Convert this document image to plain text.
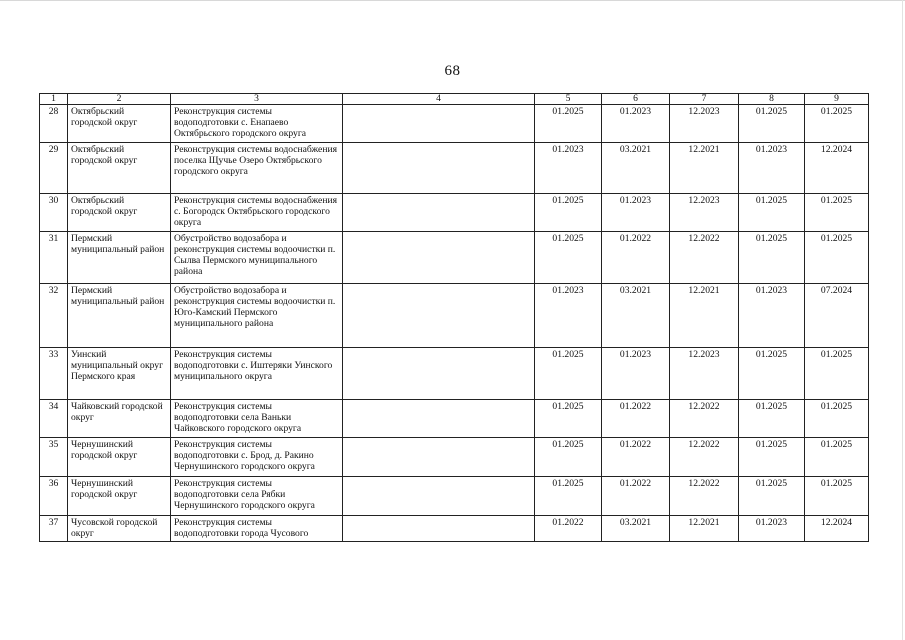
68
1	2	3	4	5	6	7	8	9
28	Октябрьский городской округ	Реконструкция системы водоподготовки с. Енапаево Октябрьского городского округа		01.2025	01.2023	12.2023	01.2025	01.2025
29	Октябрьский городской округ	Реконструкция системы водоснабжения поселка Щучье Озеро Октябрьского городского округа		01.2023	03.2021	12.2021	01.2023	12.2024
30	Октябрьский городской округ	Реконструкция системы водоснабжения с. Богородск Октябрьского городского округа		01.2025	01.2023	12.2023	01.2025	01.2025
31	Пермский муниципальный район	Обустройство водозабора и реконструкция системы водоочистки п. Сылва Пермского муниципального района		01.2025	01.2022	12.2022	01.2025	01.2025
32	Пермский муниципальный район	Обустройство водозабора и реконструкция системы водоочистки п. Юго-Камский Пермского муниципального района		01.2023	03.2021	12.2021	01.2023	07.2024
33	Уинский муниципальный округ Пермского края	Реконструкция системы водоподготовки с. Иштеряки Уинского муниципального округа		01.2025	01.2023	12.2023	01.2025	01.2025
34	Чайковский городской округ	Реконструкция системы водоподготовки села Ваньки Чайковского городского округа		01.2025	01.2022	12.2022	01.2025	01.2025
35	Чернушинский городской округ	Реконструкция системы водоподготовки с. Брод, д. Ракино Чернушинского городского округа		01.2025	01.2022	12.2022	01.2025	01.2025
36	Чернушинский городской округ	Реконструкция системы водоподготовки села Рябки Чернушинского городского округа		01.2025	01.2022	12.2022	01.2025	01.2025
37	Чусовской городской округ	Реконструкция системы водоподготовки города Чусового		01.2022	03.2021	12.2021	01.2023	12.2024
